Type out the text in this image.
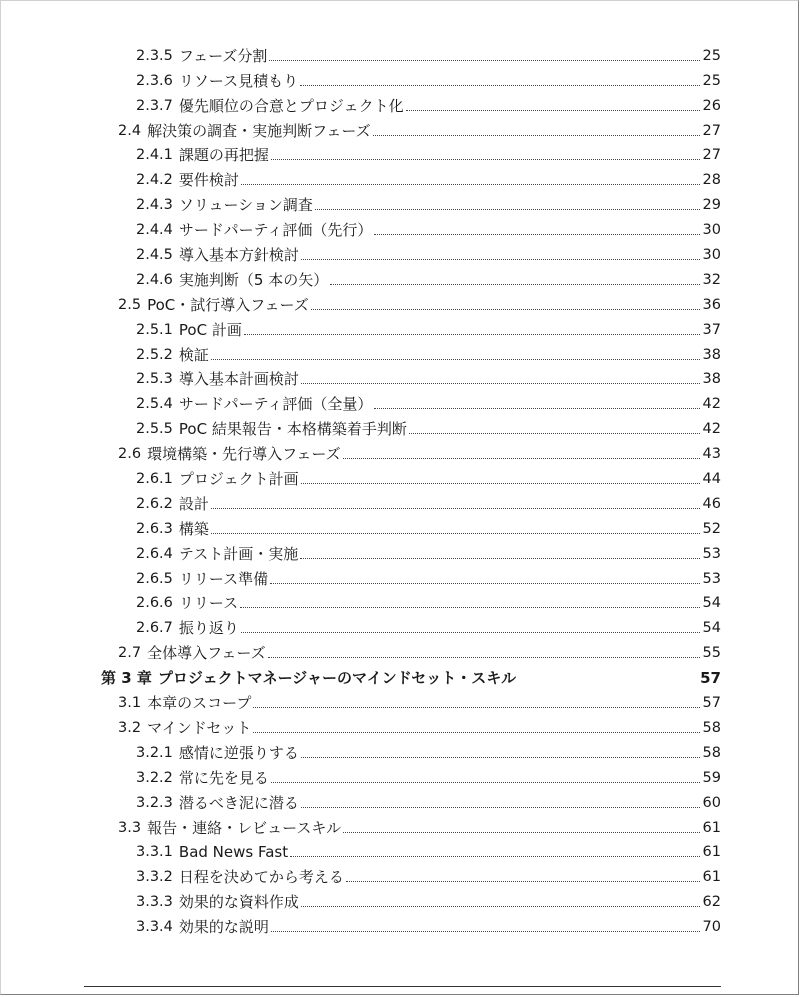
2.3.5 フェーズ分割	25
2.3.6 リソース見積もり	25
2.3.7 優先順位の合意とプロジェクト化	26
2.4 解決策の調査・実施判断フェーズ	27
2.4.1 課題の再把握	27
2.4.2 要件検討	28
2.4.3 ソリューション調査	29
2.4.4 サードパーティ評価（先行）	30
2.4.5 導入基本方針検討	30
2.4.6 実施判断（5 本の矢）	32
2.5 PoC・試行導入フェーズ	36
2.5.1 PoC 計画	37
2.5.2 検証	38
2.5.3 導入基本計画検討	38
2.5.4 サードパーティ評価（全量）	42
2.5.5 PoC 結果報告・本格構築着手判断	42
2.6 環境構築・先行導入フェーズ	43
2.6.1 プロジェクト計画	44
2.6.2 設計	46
2.6.3 構築	52
2.6.4 テスト計画・実施	53
2.6.5 リリース準備	53
2.6.6 リリース	54
2.6.7 振り返り	54
2.7 全体導入フェーズ	55
第 3 章 プロジェクトマネージャーのマインドセット・スキル	57
3.1 本章のスコープ	57
3.2 マインドセット	58
3.2.1 感情に逆張りする	58
3.2.2 常に先を見る	59
3.2.3 潜るべき泥に潜る	60
3.3 報告・連絡・レビュースキル	61
3.3.1 Bad News Fast	61
3.3.2 日程を決めてから考える	61
3.3.3 効果的な資料作成	62
3.3.4 効果的な説明	70
